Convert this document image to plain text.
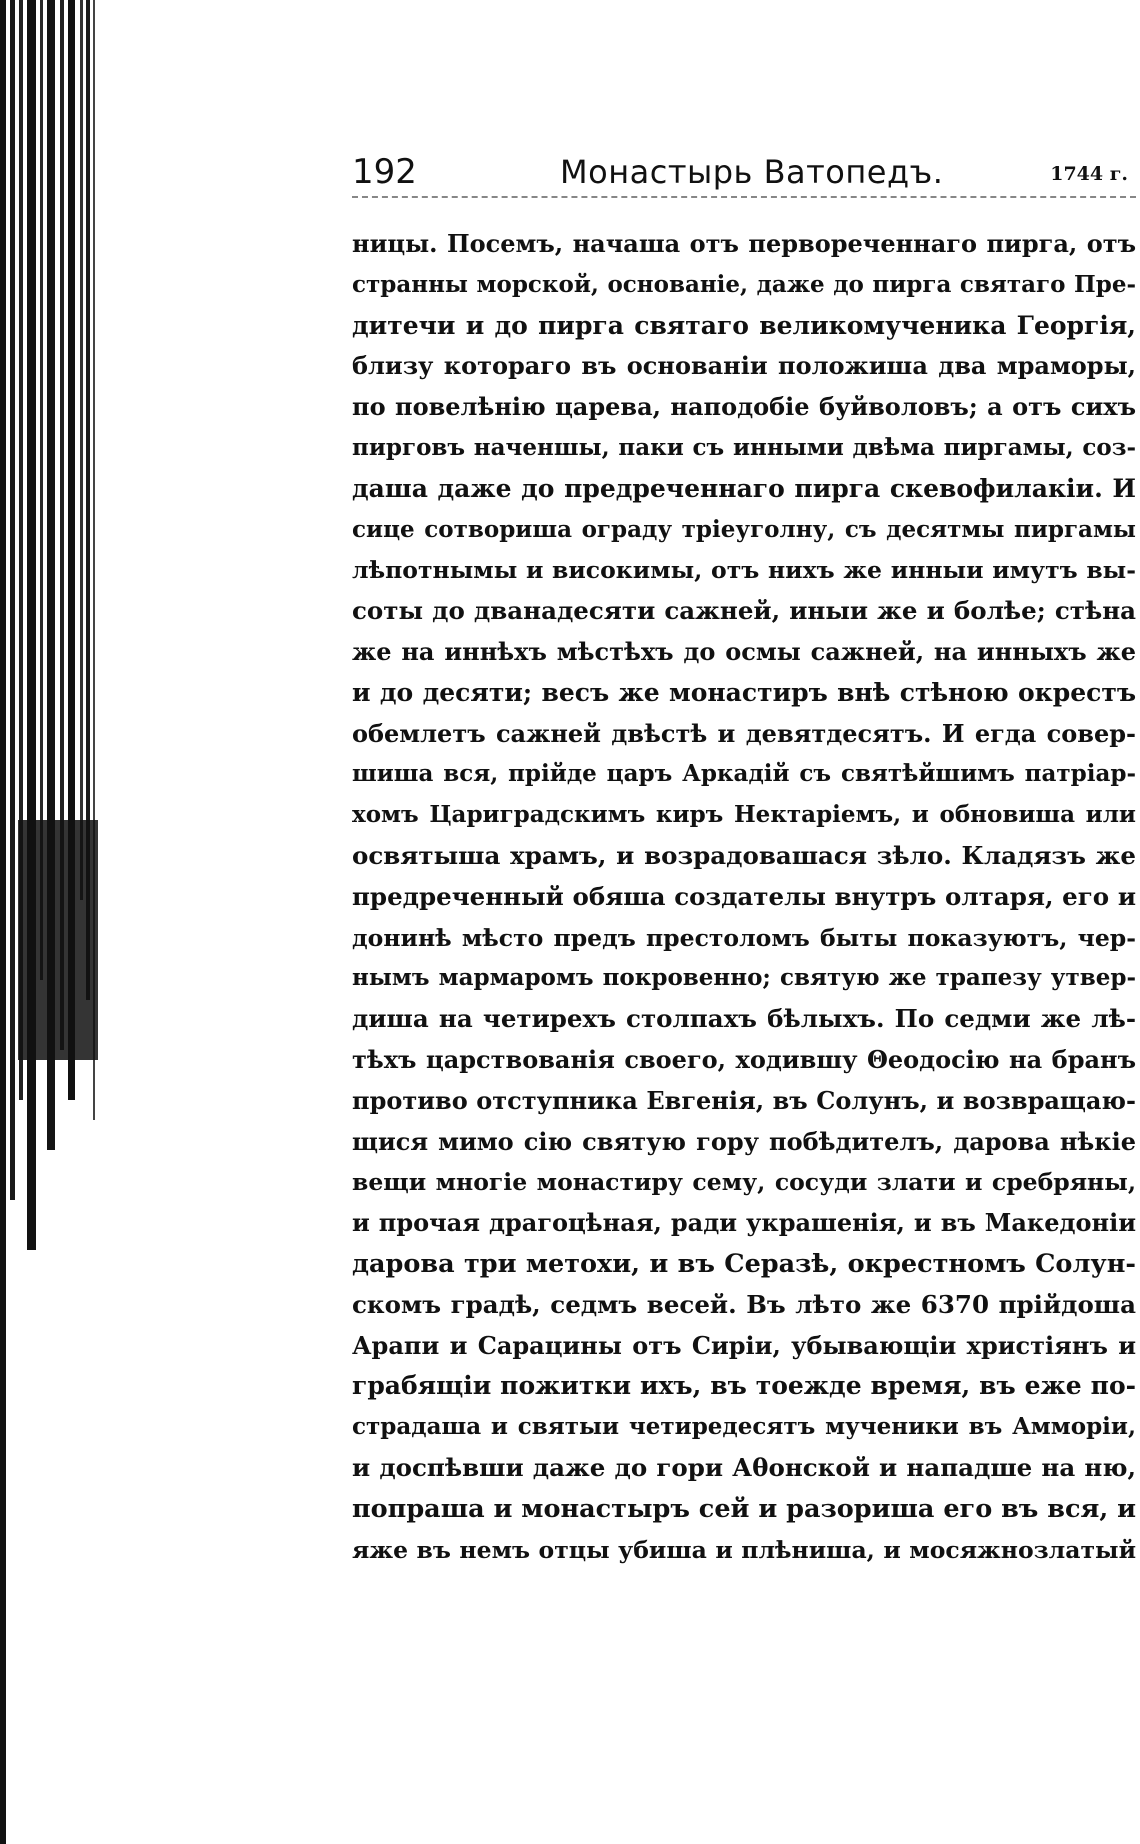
192	Монастырь Ватопедъ.	1744 г.
ницы. Посемъ, начаша отъ первореченнаго пирга, отъ
странны морской, основаніе, даже до пирга святаго Пре-
дитечи и до пирга святаго великомученика Георгія,
близу котораго въ основаніи положиша два мраморы,
по повелѣнію царева, наподобіе буйволовъ; а отъ сихъ
пирговъ наченшы, паки съ инными двѣма пиргамы, соз-
даша даже до предреченнаго пирга скевофилакіи. И
сице сотвориша ограду тріеуголну, съ десятмы пиргамы
лѣпотнымы и високимы, отъ нихъ же инныи имутъ вы-
соты до дванадесяти сажней, иныи же и болѣе; стѣна
же на иннѣхъ мѣстѣхъ до осмы сажней, на инныхъ же
и до десяти; весъ же монастиръ внѣ стѣною окрестъ
обемлетъ сажней двѣстѣ и девятдесятъ. И егда совер-
шиша вся, прійде царъ Аркадій съ святѣйшимъ патріар-
хомъ Цариградскимъ киръ Нектаріемъ, и обновиша или
освятыша храмъ, и возрадовашася зѣло. Кладязъ же
предреченный обяша создателы внутръ олтаря, его и
донинѣ мѣсто предъ престоломъ быты показуютъ, чер-
нымъ мармаромъ покровенно; святую же трапезу утвер-
диша на четирехъ столпахъ бѣлыхъ. По седми же лѣ-
тѣхъ царствованія своего, ходившу Θеодосію на бранъ
противо отступника Евгенія, въ Солунъ, и возвращаю-
щися мимо сію святую гору побѣдителъ, дарова нѣкіе
вещи многіе монастиру сему, сосуди злати и сребряны,
и прочая драгоцѣная, ради украшенія, и въ Македоніи
дарова три метохи, и въ Серазѣ, окрестномъ Солун-
скомъ градѣ, седмъ весей. Въ лѣто же 6370 прійдоша
Арапи и Сарацины отъ Сиріи, убывающіи христіянъ и
грабящіи пожитки ихъ, въ тоежде время, въ еже по-
страдаша и святыи четиредесятъ мученики въ Амморіи,
и доспѣвши даже до гори Аθонской и нападше на ню,
попраша и монастыръ сей и разориша его въ вся, и
яже въ немъ отцы убиша и плѣниша, и мосяжнозлатый
